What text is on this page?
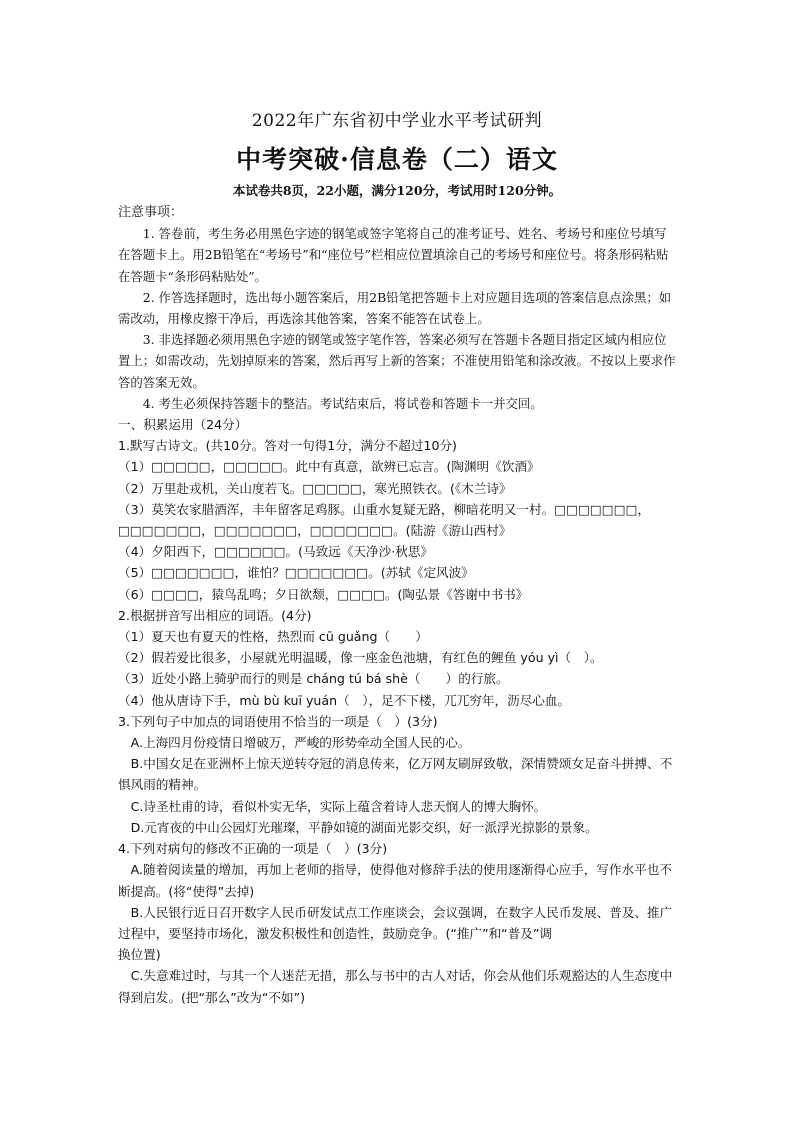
2022年广东省初中学业水平考试研判
中考突破·信息卷（二）语文
本试卷共8页，22小题，满分120分，考试用时120分钟。

注意事项：

1. 答卷前，考生务必用黑色字迹的钢笔或签字笔将自己的准考证号、姓名、考场号和座位号填写在答题卡上。用2B铅笔在“考场号”和“座位号”栏相应位置填涂自己的考场号和座位号。将条形码粘贴在答题卡“条形码粘贴处”。

2. 作答选择题时，选出每小题答案后，用2B铅笔把答题卡上对应题目选项的答案信息点涂黑；如需改动，用橡皮擦干净后，再选涂其他答案，答案不能答在试卷上。

3. 非选择题必须用黑色字迹的钢笔或签字笔作答，答案必须写在答题卡各题目指定区域内相应位置上；如需改动，先划掉原来的答案，然后再写上新的答案；不准使用铅笔和涂改液。不按以上要求作答的答案无效。

4. 考生必须保持答题卡的整洁。考试结束后，将试卷和答题卡一并交回。

一、积累运用（24分）

1.默写古诗文。(共10分。答对一句得1分，满分不超过10分)

（1）□□□□□，□□□□□。此中有真意，欲辨已忘言。(陶渊明《饮酒》

（2）万里赴戎机，关山度若飞。□□□□□，寒光照铁衣。(《木兰诗》

（3）莫笑农家腊酒浑，丰年留客足鸡豚。山重水复疑无路，柳暗花明又一村。□□□□□□□，□□□□□□□，□□□□□□□，□□□□□□□。(陆游《游山西村》

（4）夕阳西下，□□□□□□。(马致远《天净沙·秋思》

（5）□□□□□□□，谁怕？□□□□□□□。(苏轼《定风波》

（6）□□□□，猿鸟乱鸣；夕日欲颓，□□□□。(陶弘景《答谢中书书》

2.根据拼音写出相应的词语。(4分)

（1）夏天也有夏天的性格，热烈而 cū guǎng（　　）

（2）假若爱比很多，小屋就光明温暖，像一座金色池塘，有红色的鲤鱼 yóu yì（　）。

（3）近处小路上骑驴而行的则是 cháng tú bá shè（　　）的行旅。

（4）他从唐诗下手，mù bù kuī yuán（　），足不下楼，兀兀穷年，沥尽心血。

3.下列句子中加点的词语使用不恰当的一项是（　）(3分)

A.上海四月份疫情日增破万，严峻的形势牵动全国人民的心。

B.中国女足在亚洲杯上惊天逆转夺冠的消息传来，亿万网友刷屏致敬，深情赞颂女足奋斗拼搏、不惧风雨的精神。

C.诗圣杜甫的诗，看似朴实无华，实际上蕴含着诗人悲天悯人的博大胸怀。

D.元宵夜的中山公园灯光璀璨，平静如镜的湖面光影交织，好一派浮光掠影的景象。

4.下列对病句的修改不正确的一项是（　）(3分)

A.随着阅读量的增加，再加上老师的指导，使得他对修辞手法的使用逐渐得心应手，写作水平也不断提高。(将“使得”去掉)

B.人民银行近日召开数字人民币研发试点工作座谈会，会议强调，在数字人民币发展、普及、推广过程中，要坚持市场化，激发积极性和创造性，鼓励竞争。(“推广”和“普及”调

换位置)

C.失意难过时，与其一个人迷茫无措，那么与书中的古人对话，你会从他们乐观豁达的人生态度中得到启发。(把“那么”改为“不如”)
